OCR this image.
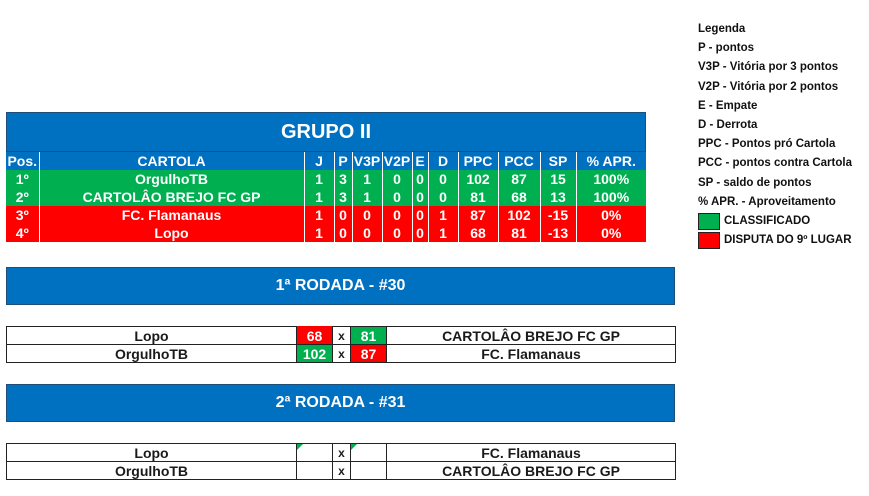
GRUPO II
Pos.	CARTOLA	J	P	V3P	V2P	E	D	PPC	PCC	SP	% APR.
1º	OrgulhoTB	1	3	1	0	0	0	102	87	15	100%
2º	CARTOLÂO BREJO FC GP	1	3	1	0	0	0	81	68	13	100%
3º	FC. Flamanaus	1	0	0	0	0	1	87	102	-15	0%
4º	Lopo	1	0	0	0	0	1	68	81	-13	0%
1ª RODADA - #30
Lopo	68	x	81	CARTOLÂO BREJO FC GP
OrgulhoTB	102	x	87	FC. Flamanaus
2ª RODADA - #31
Lopo		x		FC. Flamanaus
OrgulhoTB		x		CARTOLÂO BREJO FC GP
Legenda
P - pontos
V3P - Vitória por 3 pontos
V2P - Vitória por 2 pontos
E - Empate
D - Derrota
PPC - Pontos pró Cartola
PCC - pontos contra Cartola
SP - saldo de pontos
% APR. - Aproveitamento
CLASSIFICADO
DISPUTA DO 9º LUGAR
